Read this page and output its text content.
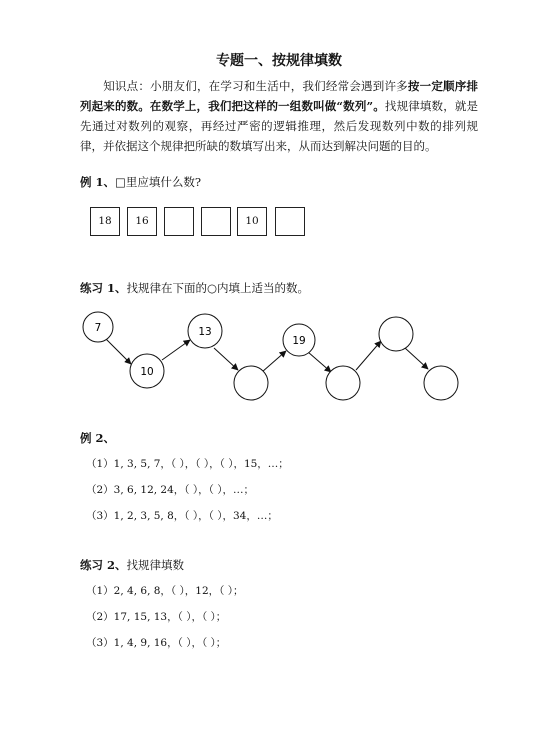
专题一、按规律填数
  知识点：小朋友们，在学习和生活中，我们经常会遇到许多按一定顺序排列起来的数。在数学上，我们把这样的一组数叫做“数列”。找规律填数，就是先通过对数列的观察，再经过严密的逻辑推理，然后发现数列中数的排列规律，并依据这个规律把所缺的数填写出来，从而达到解决问题的目的。
例 1、□里应填什么数?
18	16	10
练习 1、找规律在下面的○内填上适当的数。
7
10
13
19
例 2、
（1）1, 3, 5, 7，（ ），（ ），（ ），15，…；
（2）3, 6, 12, 24，（ ），（ ），…；
（3）1, 2, 3, 5, 8，（ ），（ ），34，…；
练习 2、找规律填数
（1）2, 4, 6, 8，（ ），12，（ ）；
（2）17, 15, 13，（ ），（ ）；
（3）1, 4, 9, 16，（ ），（ ）；
